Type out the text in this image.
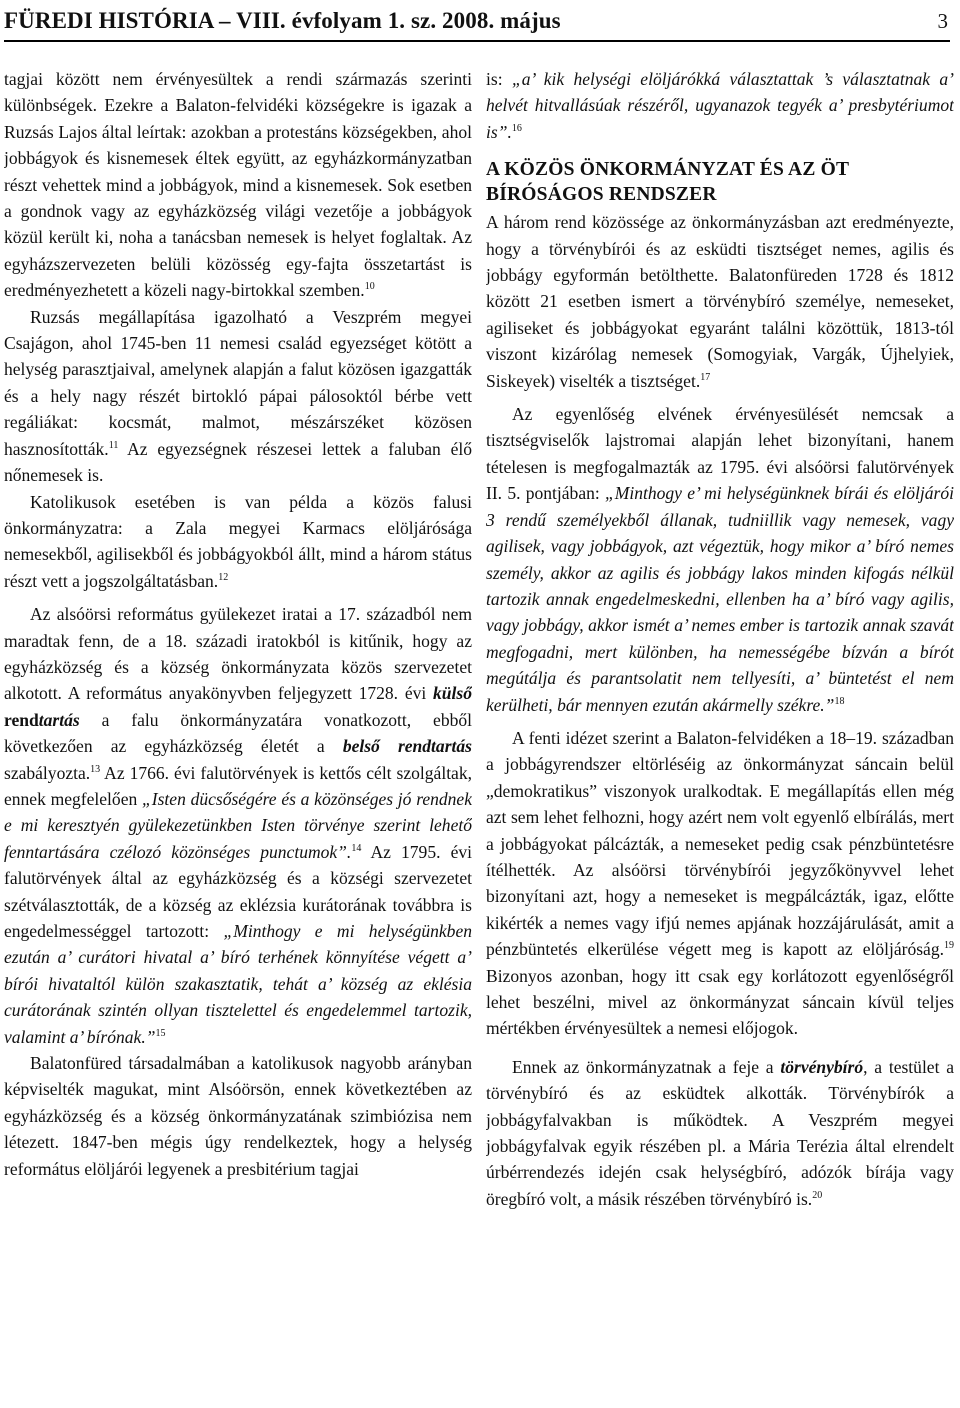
FÜREDI HISTÓRIA – VIII. évfolyam 1. sz. 2008. május	3

tagjai között nem érvényesültek a rendi származás szerinti különbségek. Ezekre a Balaton-felvidéki községekre is igazak a Ruzsás Lajos által leírtak: azokban a protestáns községekben, ahol jobbágyok és kisnemesek éltek együtt, az egyházkormányzatban részt vehettek mind a jobbágyok, mind a kisnemesek. Sok esetben a gondnok vagy az egyházközség világi vezetője a jobbágyok közül került ki, noha a tanácsban nemesek is helyet foglaltak. Az egyházszervezeten belüli közösség egy-fajta összetartást is eredményezhetett a közeli nagy-birtokkal szemben.$^{10}$

Ruzsás megállapítása igazolható a Veszprém megyei Csajágon, ahol 1745-ben 11 nemesi család egyezséget kötött a helység parasztjaival, amelynek alapján a falut közösen igazgatták és a hely nagy részét birtokló pápai pálosoktól bérbe vett regáliákat: kocsmát, malmot, mészárszéket közösen hasznosították.$^{11}$ Az egyezségnek részesei lettek a faluban élő nőnemesek is.

Katolikusok esetében is van példa a közös falusi önkormányzatra: a Zala megyei Karmacs elöljárósága nemesekből, agilisekből és jobbágyokból állt, mind a három státus részt vett a jogszolgáltatásban.$^{12}$

Az alsóörsi református gyülekezet iratai a 17. századból nem maradtak fenn, de a 18. századi iratokból is kitűnik, hogy az egyházközség és a község önkormányzata közös szervezetet alkotott. A református anyakönyvben feljegyzett 1728. évi külső rendtartás a falu önkormányzatára vonatkozott, ebből következően az egyházközség életét a belső rendtartás szabályozta.$^{13}$ Az 1766. évi falutörvények is kettős célt szolgáltak, ennek megfelelően „Isten dücsőségére és a közönséges jó rendnek e mi keresztyén gyülekezetünkben Isten törvénye szerint lehető fenntartására czélozó közönséges punctumok”.$^{14}$ Az 1795. évi falutörvények által az egyházközség és a községi szervezetet szétválasztották, de a község az eklézsia kurátorának továbbra is engedelmességgel tartozott: „Minthogy e mi helységünkben ezután a’ curátori hivatal a’ bíró terhének könnyítése végett a’ bírói hivataltól külön szakasztatik, tehát a’ község az eklésia curátorának szintén ollyan tisztelettel és engedelemmel tartozik, valamint a’ bírónak.”$^{15}$

Balatonfüred társadalmában a katolikusok nagyobb arányban képviselték magukat, mint Alsóörsön, ennek következtében az egyházközség és a község önkormányzatának szimbiózisa nem létezett. 1847-ben mégis úgy rendelkeztek, hogy a helység református elöljárói legyenek a presbitérium tagjai

is: „a’ kik helységi elöljárókká választattak ’s választatnak a’ helvét hitvallásúak részéről, ugyanazok tegyék a’ presbytériumot is”.$^{16}$

A KÖZÖS ÖNKORMÁNYZAT ÉS AZ ÖT BÍRÓSÁGOS RENDSZER

A három rend közössége az önkormányzásban azt eredményezte, hogy a törvénybírói és az esküdti tisztséget nemes, agilis és jobbágy egyformán betölthette. Balatonfüreden 1728 és 1812 között 21 esetben ismert a törvénybíró személye, nemeseket, agiliseket és jobbágyokat egyaránt találni közöttük, 1813-tól viszont kizárólag nemesek (Somogyiak, Vargák, Újhelyiek, Siskeyek) viselték a tisztséget.$^{17}$

Az egyenlőség elvének érvényesülését nemcsak a tisztségviselők lajstromai alapján lehet bizonyítani, hanem tételesen is megfogalmazták az 1795. évi alsóörsi falutörvények II. 5. pontjában: „Minthogy e’ mi helységünknek bírái és elöljárói 3 rendű személyekből állanak, tudniillik vagy nemesek, vagy agilisek, vagy jobbágyok, azt végeztük, hogy mikor a’ bíró nemes személy, akkor az agilis és jobbágy lakos minden kifogás nélkül tartozik annak engedelmeskedni, ellenben ha a’ bíró vagy agilis, vagy jobbágy, akkor ismét a’ nemes ember is tartozik annak szavát megfogadni, mert különben, ha nemességébe bízván a bírót megútálja és parantsolatit nem tellyesíti, a’ büntetést el nem kerülheti, bár mennyen ezután akármelly székre.”$^{18}$

A fenti idézet szerint a Balaton-felvidéken a 18–19. században a jobbágyrendszer eltörléséig az önkormányzat sáncain belül „demokratikus” viszonyok uralkodtak. E megállapítás ellen még azt sem lehet felhozni, hogy azért nem volt egyenlő elbírálás, mert a jobbágyokat pálcázták, a nemeseket pedig csak pénzbüntetésre ítélhették. Az alsóörsi törvénybírói jegyzőkönyvvel lehet bizonyítani azt, hogy a nemeseket is megpálcázták, igaz, előtte kikérték a nemes vagy ifjú nemes apjának hozzájárulását, amit a pénzbüntetés elkerülése végett meg is kapott az elöljáróság.$^{19}$ Bizonyos azonban, hogy itt csak egy korlátozott egyenlőségről lehet beszélni, mivel az önkormányzat sáncain kívül teljes mértékben érvényesültek a nemesi előjogok.

Ennek az önkormányzatnak a feje a törvénybíró, a testület a törvénybíró és az esküdtek alkották. Törvénybírók a jobbágyfalvakban is működtek. A Veszprém megyei jobbágyfalvak egyik részében pl. a Mária Terézia által elrendelt úrbérrendezés idején csak helységbíró, adózók bírája vagy öregbíró volt, a másik részében törvénybíró is.$^{20}$
